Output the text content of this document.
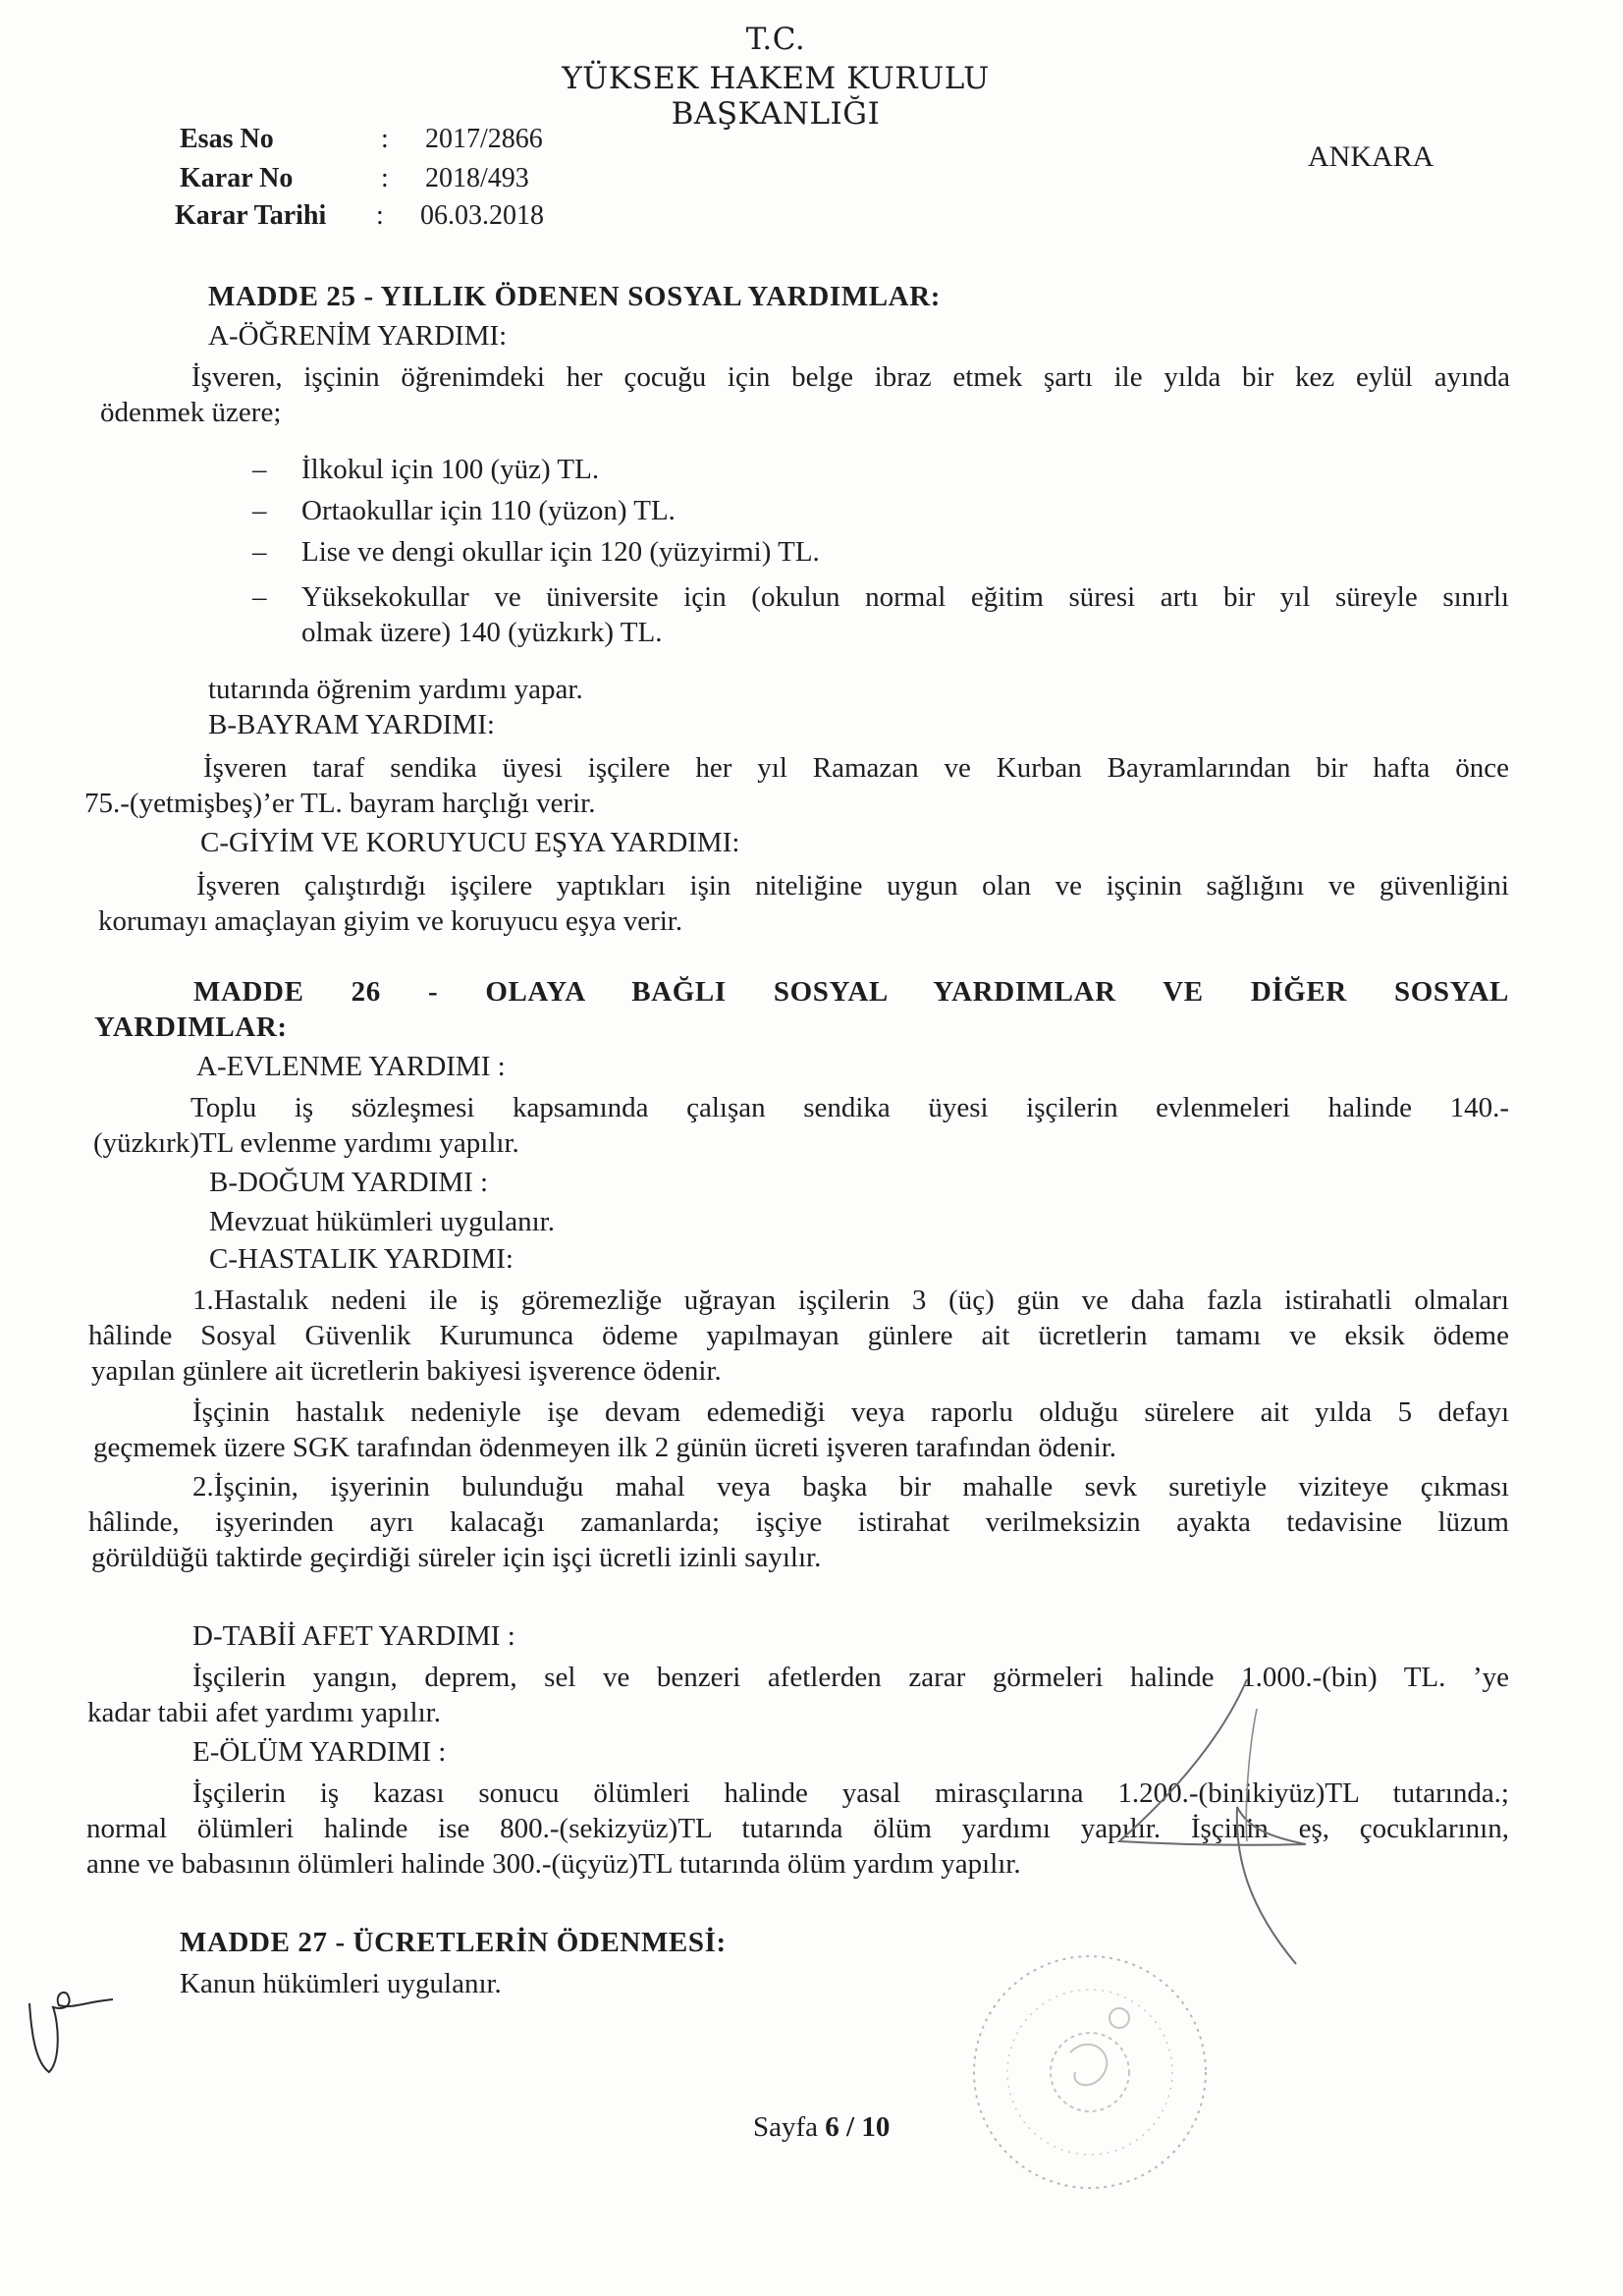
T.C.
YÜKSEK HAKEM KURULU
BAŞKANLIĞI
ANKARA
Esas No	: 2017/2866
Karar No	: 2018/493
Karar Tarihi : 06.03.2018
MADDE 25 - YILLIK ÖDENEN SOSYAL YARDIMLAR:
A-ÖĞRENİM YARDIMI:
İşveren, işçinin öğrenimdeki her çocuğu için belge ibraz etmek şartı ile yılda bir kez eylül ayında
ödenmek üzere;
– İlkokul için 100 (yüz) TL.
– Ortaokullar için 110 (yüzon) TL.
– Lise ve dengi okullar için 120 (yüzyirmi) TL.
– Yüksekokullar ve üniversite için (okulun normal eğitim süresi artı bir yıl süreyle sınırlı
olmak üzere) 140 (yüzkırk) TL.
tutarında öğrenim yardımı yapar.
B-BAYRAM YARDIMI:
İşveren taraf sendika üyesi işçilere her yıl Ramazan ve Kurban Bayramlarından bir hafta önce
75.-(yetmişbeş)’er TL. bayram harçlığı verir.
C-GİYİM VE KORUYUCU EŞYA YARDIMI:
İşveren çalıştırdığı işçilere yaptıkları işin niteliğine uygun olan ve işçinin sağlığını ve güvenliğini
korumayı amaçlayan giyim ve koruyucu eşya verir.
MADDE 26 - OLAYA BAĞLI SOSYAL YARDIMLAR VE DİĞER SOSYAL
YARDIMLAR:
A-EVLENME YARDIMI :
Toplu iş sözleşmesi kapsamında çalışan sendika üyesi işçilerin evlenmeleri halinde 140.-
(yüzkırk)TL evlenme yardımı yapılır.
B-DOĞUM YARDIMI :
Mevzuat hükümleri uygulanır.
C-HASTALIK YARDIMI:
1.Hastalık nedeni ile iş göremezliğe uğrayan işçilerin 3 (üç) gün ve daha fazla istirahatli olmaları
hâlinde Sosyal Güvenlik Kurumunca ödeme yapılmayan günlere ait ücretlerin tamamı ve eksik ödeme
yapılan günlere ait ücretlerin bakiyesi işverence ödenir.
İşçinin hastalık nedeniyle işe devam edemediği veya raporlu olduğu sürelere ait yılda 5 defayı
geçmemek üzere SGK tarafından ödenmeyen ilk 2 günün ücreti işveren tarafından ödenir.
2.İşçinin, işyerinin bulunduğu mahal veya başka bir mahalle sevk suretiyle viziteye çıkması
hâlinde, işyerinden ayrı kalacağı zamanlarda; işçiye istirahat verilmeksizin ayakta tedavisine lüzum
görüldüğü taktirde geçirdiği süreler için işçi ücretli izinli sayılır.
D-TABİİ AFET YARDIMI :
İşçilerin yangın, deprem, sel ve benzeri afetlerden zarar görmeleri halinde 1.000.-(bin) TL. ’ye
kadar tabii afet yardımı yapılır.
E-ÖLÜM YARDIMI :
İşçilerin iş kazası sonucu ölümleri halinde yasal mirasçılarına 1.200.-(binikiyüz)TL tutarında.;
normal ölümleri halinde ise 800.-(sekizyüz)TL tutarında ölüm yardımı yapılır. İşçinin eş, çocuklarının,
anne ve babasının ölümleri halinde 300.-(üçyüz)TL tutarında ölüm yardım yapılır.
MADDE 27 - ÜCRETLERİN ÖDENMESİ:
Kanun hükümleri uygulanır.
Sayfa 6 / 10
